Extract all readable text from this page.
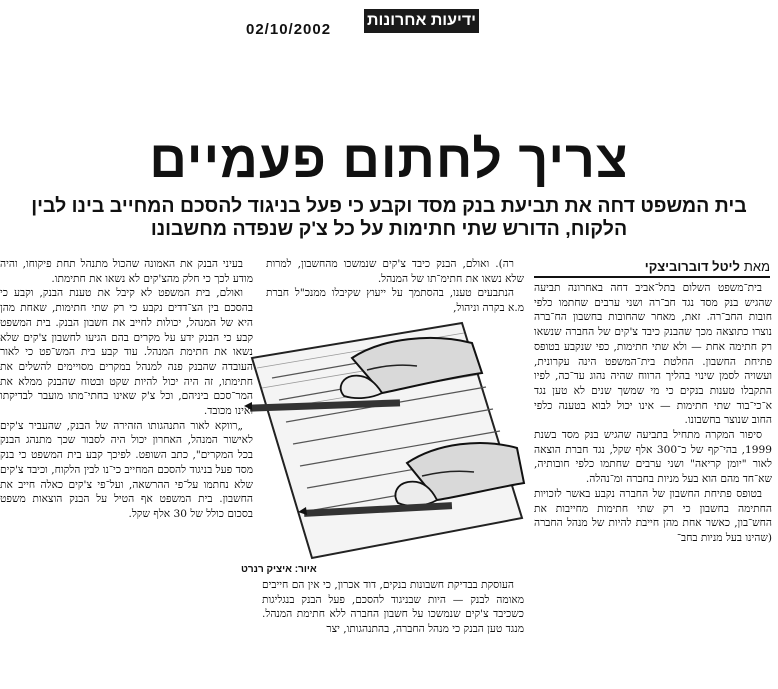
02/10/2002
ידיעות אחרונות
צריך לחתום פעמיים
בית המשפט דחה את תביעת בנק מסד וקבע כי פעל בניגוד להסכם המחייב בינו לבין הלקוח, הדורש שתי חתימות על כל צ'ק שנפדה מחשבונו
מאתליטל דוברוביצקי

בית־משפט השלום בתל־אביב דחה באחרונה תביעה שהגיש בנק מסד נגד חב־רה ושני ערבים שחתמו כלפי חובות החב־רה. זאת, מאחר שהחובות בחשבון הח־ברה נוצרו כתוצאה מכך שהבנק כיבד צ'קים של החברה שנשאו רק חתימה אחת — ולא שתי חתימות, כפי שנקבע בטופס פתיחת החשבון. החלטת בית־המשפט הינה עקרונית, ועשויה לסמן שינוי בהליך הרווח שהיה נהוג עד־כה, לפיו התקבלו טענות בנקים כי מי שמשך שנים לא טען נגד א־כי־בוד שתי חתימות — אינו יכול לבוא בטענה כלפי החוב שנוצר בחשבונו.

סיפור המקרה מתחיל בתביעה שהגיש בנק מסד בשנת 1999, בהי־קף של כ־300 אלף שקל, נגד חברת הוצאה לאור "יומן קריאה" ושני ערבים שחתמו כלפי חובותיה, שא־חד מהם הוא בעל מניות בחברה ומ־נהלה.

בטופס פתיחת החשבון של החברה נקבע באשר לזכויות החתימה בחשבון כי רק שתי חתימות מחייבות את החש־בון, כאשר אחת מהן חייבת להיות של מנהל החברה (שהינו בעל מניות בחב־

רה). ואולם, הבנק כיבד צ'קים שנמשכו מהחשבון, למרות שלא נשאו את חתימ־תו של המנהל.

הנתבעים טענו, בהסתמך על ייעוץ שקיבלו ממנכ"ל חברת מ.א בקרה וניהול,

איור: איציק רנרט

העוסקת בבדיקת חשבונות בנקים, דוד אכרון, כי אין הם חייבים מאומה לבנק — היות שבניגוד להסכם, פעל הבנק בנגליגות כשכיבד צ'קים שנמשכו על חשבון החברה ללא חתימת המנהל. מנגד טען הבנק כי מנהל החברה, בהתנהגותו, יצר

בעיני הבנק את האמונה שהכול מתנהל תחת פיקוחו, והיה מודע לכך כי חלק מהצ'קים לא נשאו את חתימתו.

ואולם, בית המשפט לא קיבל את טענת הבנק, וקבע כי בהסכם בין הצ־דדים נקבע כי רק שתי חתימות, שאחת מהן היא של המנהל, יכולות לחייב את חשבון הבנק. בית המשפט קבע כי הבנק ידע על מקרים בהם הגיעו לחשבון צ'קים שלא נשאו את חתימת המנהל. עוד קבע בית המש־פט כי לאור העובדה שהבנק פנה למנהל במקרים מסויימים להשלים את חתימתו, זה היה יכול להיות שקט ובטוח שהבנק ממלא את המר־סכם ביניהם, וכל צ'ק שאינו בחתי־מתו מועבר לבדיקתו ואינו מכובד.

„רווקא לאור התנהגותו הזהירה של הבנק, שהעביר צ'קים לאישור המנהל, האחרון יכול היה לסבור שכך מתנהג הבנק בכל המקרים", כתב השופט. לפיכך קבע בית המשפט כי בנק מסד פעל בניגוד להסכם המחייב כי־נו לבין הלקוח, וכיבד צ'קים שלא נחתמו על־פי ההרשאה, ועל־פי צ'קים כאלה חייב את החשבון. בית המשפט אף הטיל על הבנק הוצאות משפט בסכום כולל של 30 אלף שקל.
